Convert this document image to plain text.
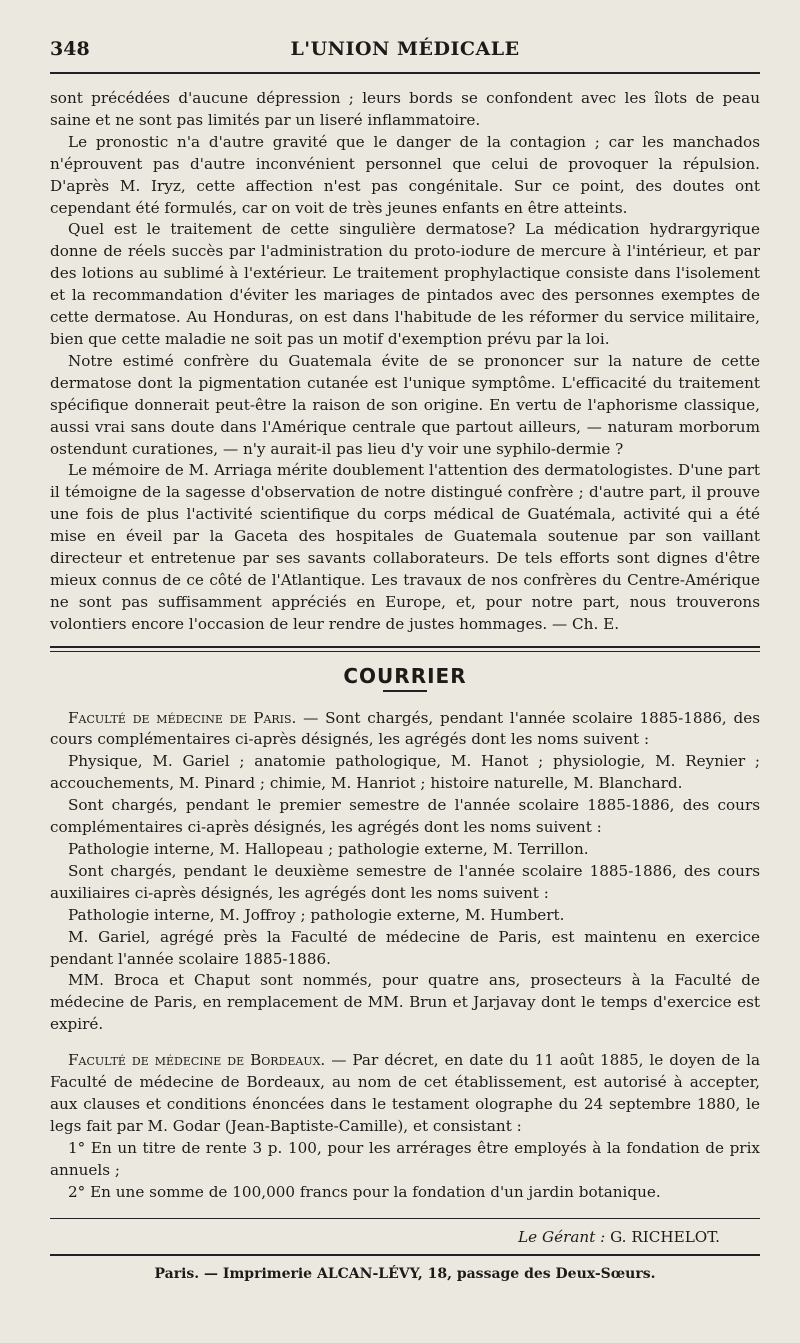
348	L'UNION MÉDICALE

sont précédées d'aucune dépression ; leurs bords se confondent avec les îlots de peau saine et ne sont pas limités par un liseré inflammatoire.

Le pronostic n'a d'autre gravité que le danger de la contagion ; car les manchados n'éprouvent pas d'autre inconvénient personnel que celui de provoquer la répulsion. D'après M. Iryz, cette affection n'est pas congénitale. Sur ce point, des doutes ont cependant été formulés, car on voit de très jeunes enfants en être atteints.

Quel est le traitement de cette singulière dermatose? La médication hydrargyrique donne de réels succès par l'administration du proto-iodure de mercure à l'intérieur, et par des lotions au sublimé à l'extérieur. Le traitement prophylactique consiste dans l'isolement et la recommandation d'éviter les mariages de pintados avec des personnes exemptes de cette dermatose. Au Honduras, on est dans l'habitude de les réformer du service militaire, bien que cette maladie ne soit pas un motif d'exemption prévu par la loi.

Notre estimé confrère du Guatemala évite de se prononcer sur la nature de cette dermatose dont la pigmentation cutanée est l'unique symptôme. L'efficacité du traitement spécifique donnerait peut-être la raison de son origine. En vertu de l'aphorisme classique, aussi vrai sans doute dans l'Amérique centrale que partout ailleurs, — naturam morborum ostendunt curationes, — n'y aurait-il pas lieu d'y voir une syphilo-dermie ?

Le mémoire de M. Arriaga mérite doublement l'attention des dermatologistes. D'une part il témoigne de la sagesse d'observation de notre distingué confrère ; d'autre part, il prouve une fois de plus l'activité scientifique du corps médical de Guatémala, activité qui a été mise en éveil par la Gaceta des hospitales de Guatemala soutenue par son vaillant directeur et entretenue par ses savants collaborateurs. De tels efforts sont dignes d'être mieux connus de ce côté de l'Atlantique. Les travaux de nos confrères du Centre-Amérique ne sont pas suffisamment appréciés en Europe, et, pour notre part, nous trouverons volontiers encore l'occasion de leur rendre de justes hommages. — Ch. E.

COURRIER

Faculté de médecine de Paris. — Sont chargés, pendant l'année scolaire 1885-1886, des cours complémentaires ci-après désignés, les agrégés dont les noms suivent :

Physique, M. Gariel ; anatomie pathologique, M. Hanot ; physiologie, M. Reynier ; accouchements, M. Pinard ; chimie, M. Hanriot ; histoire naturelle, M. Blanchard.

Sont chargés, pendant le premier semestre de l'année scolaire 1885-1886, des cours complémentaires ci-après désignés, les agrégés dont les noms suivent :

Pathologie interne, M. Hallopeau ; pathologie externe, M. Terrillon.

Sont chargés, pendant le deuxième semestre de l'année scolaire 1885-1886, des cours auxiliaires ci-après désignés, les agrégés dont les noms suivent :

Pathologie interne, M. Joffroy ; pathologie externe, M. Humbert.

M. Gariel, agrégé près la Faculté de médecine de Paris, est maintenu en exercice pendant l'année scolaire 1885-1886.

MM. Broca et Chaput sont nommés, pour quatre ans, prosecteurs à la Faculté de médecine de Paris, en remplacement de MM. Brun et Jarjavay dont le temps d'exercice est expiré.

Faculté de médecine de Bordeaux. — Par décret, en date du 11 août 1885, le doyen de la Faculté de médecine de Bordeaux, au nom de cet établissement, est autorisé à accepter, aux clauses et conditions énoncées dans le testament olographe du 24 septembre 1880, le legs fait par M. Godar (Jean-Baptiste-Camille), et consistant :

1° En un titre de rente 3 p. 100, pour les arrérages être employés à la fondation de prix annuels ;

2° En une somme de 100,000 francs pour la fondation d'un jardin botanique.

Le Gérant : G. RICHELOT.
Paris. — Imprimerie ALCAN-LÉVY, 18, passage des Deux-Sœurs.
